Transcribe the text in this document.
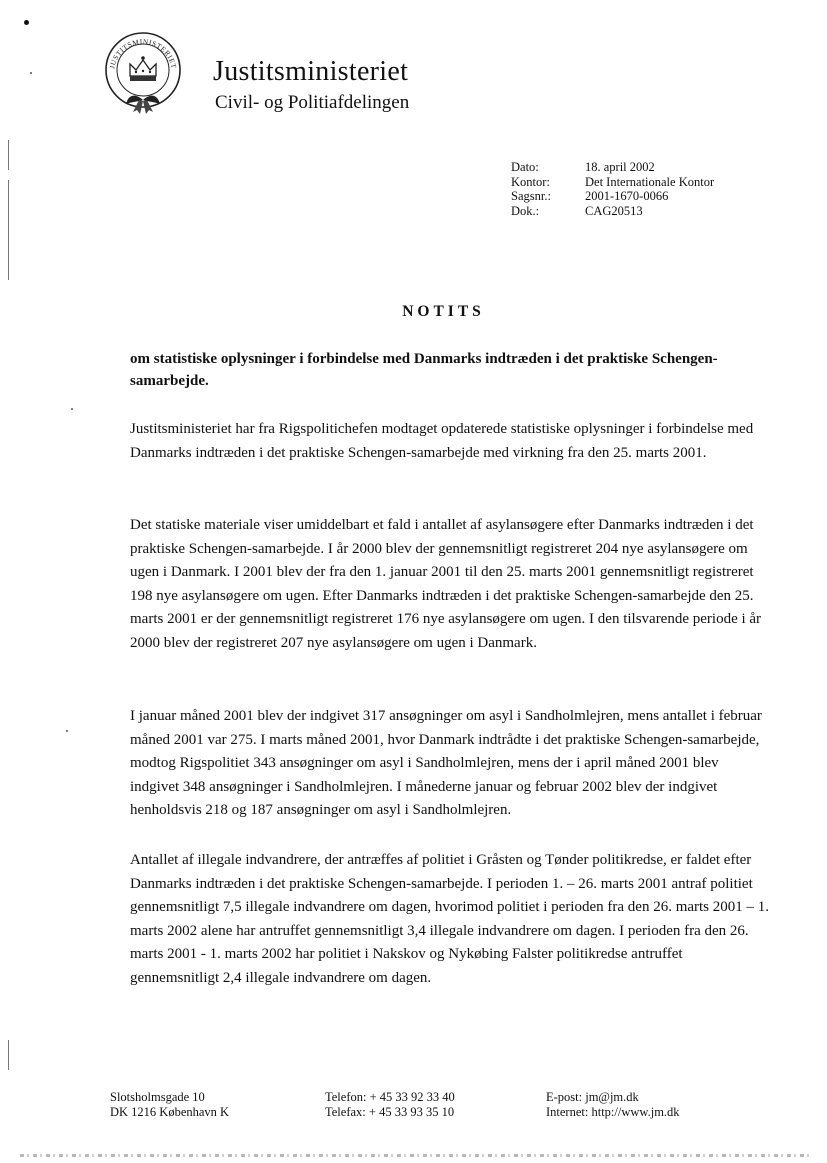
JUSTITSMINISTERIET Justitsministeriet
Civil- og Politiafdelingen
Dato:	18. april 2002
Kontor:	Det Internationale Kontor
Sagsnr.:	2001-1670-0066
Dok.:	CAG20513
NOTITS
om statistiske oplysninger i forbindelse med Danmarks indtræden i det praktiske Schengen-samarbejde.

Justitsministeriet har fra Rigspolitichefen modtaget opdaterede statistiske oplysninger i forbindelse med Danmarks indtræden i det praktiske Schengen-samarbejde med virkning fra den 25. marts 2001.

Det statiske materiale viser umiddelbart et fald i antallet af asylansøgere efter Danmarks indtræden i det praktiske Schengen-samarbejde. I år 2000 blev der gennemsnitligt registreret 204 nye asylansøgere om ugen i Danmark. I 2001 blev der fra den 1. januar 2001 til den 25. marts 2001 gennemsnitligt registreret 198 nye asylansøgere om ugen. Efter Danmarks indtræden i det praktiske Schengen-samarbejde den 25. marts 2001 er der gennemsnitligt registreret 176 nye asylansøgere om ugen. I den tilsvarende periode i år 2000 blev der registreret 207 nye asylansøgere om ugen i Danmark.

I januar måned 2001 blev der indgivet 317 ansøgninger om asyl i Sandholmlejren, mens antallet i februar måned 2001 var 275. I marts måned 2001, hvor Danmark indtrådte i det praktiske Schengen-samarbejde, modtog Rigspolitiet 343 ansøgninger om asyl i Sandholmlejren, mens der i april måned 2001 blev indgivet 348 ansøgninger i Sandholmlejren. I månederne januar og februar 2002 blev der indgivet henholdsvis 218 og 187 ansøgninger om asyl i Sandholmlejren.

Antallet af illegale indvandrere, der antræffes af politiet i Gråsten og Tønder politikredse, er faldet efter Danmarks indtræden i det praktiske Schengen-samarbejde. I perioden 1. – 26. marts 2001 antraf politiet gennemsnitligt 7,5 illegale indvandrere om dagen, hvorimod politiet i perioden fra den 26. marts 2001 – 1. marts 2002 alene har antruffet gennemsnitligt 3,4 illegale indvandrere om dagen. I perioden fra den 26. marts 2001 - 1. marts 2002 har politiet i Nakskov og Nykøbing Falster politikredse antruffet gennemsnitligt 2,4 illegale indvandrere om dagen.

Slotsholmsgade 10
DK 1216 København K
Telefon: + 45 33 92 33 40
Telefax: + 45 33 93 35 10
E-post: jm@jm.dk
Internet: http://www.jm.dk
